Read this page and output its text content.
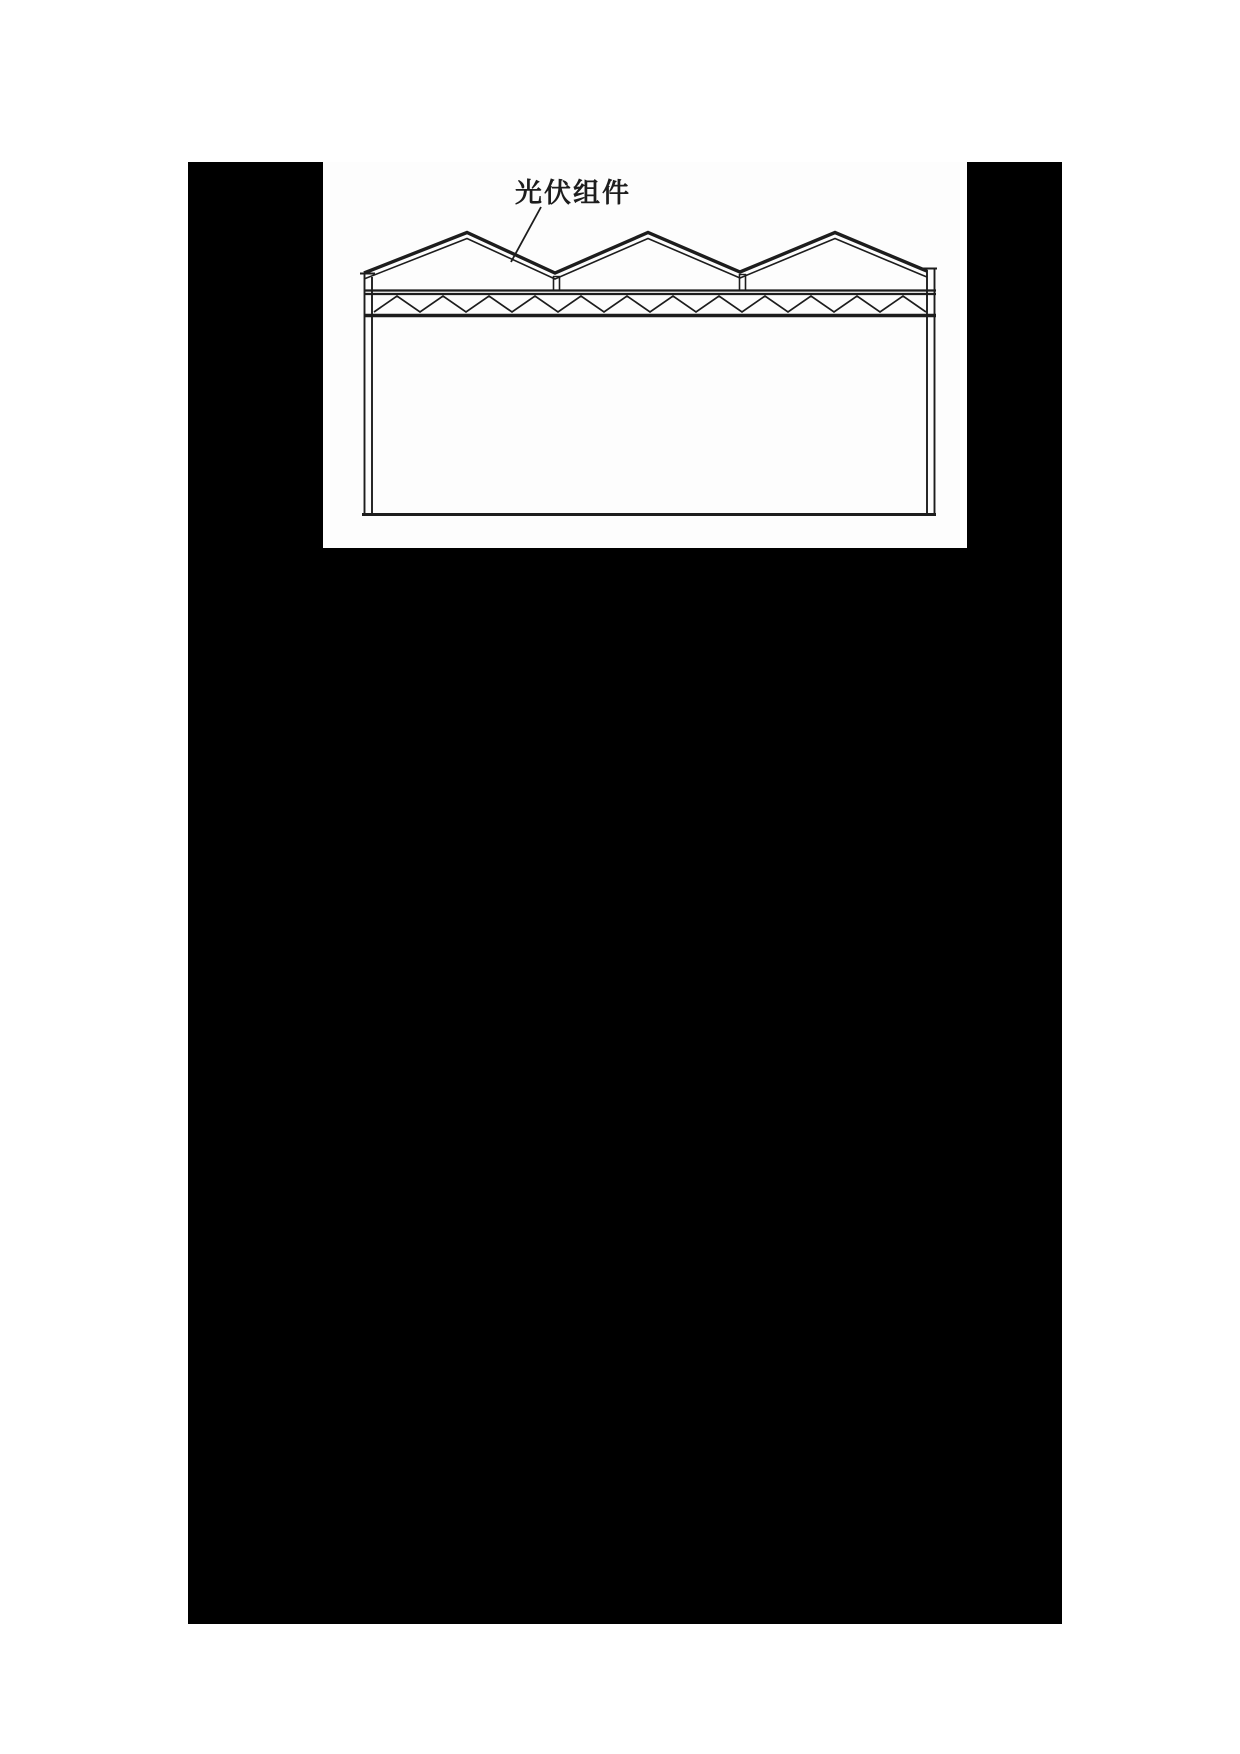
光伏组件
